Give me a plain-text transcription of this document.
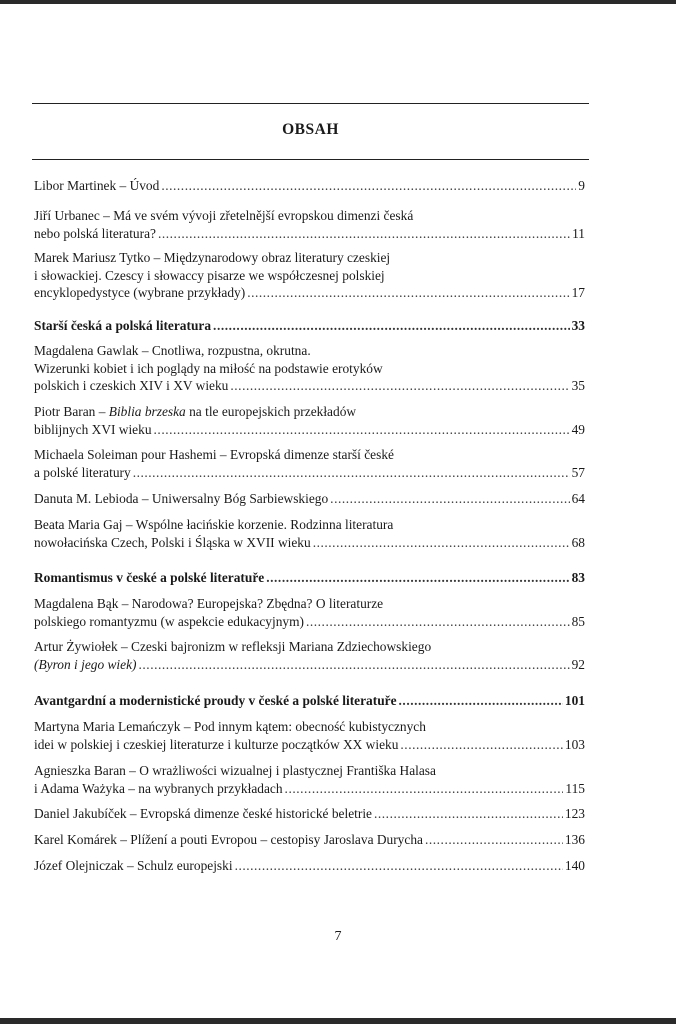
OBSAH
Libor Martinek – Úvod . . .	9
Jiří Urbanec – Má ve svém vývoji zřetelnější evropskou dimenzi česká
nebo polská literatura? . . .	11
Marek Mariusz Tytko – Międzynarodowy obraz literatury czeskiej
i słowackiej. Czescy i słowaccy pisarze we współczesnej polskiej
encyklopedystyce (wybrane przykłady) . . .	17
Starší česká a polská literatura . . .	33
Magdalena Gawlak – Cnotliwa, rozpustna, okrutna.
Wizerunki kobiet i ich poglądy na miłość na podstawie erotyków
polskich i czeskich XIV i XV wieku . . .	35
Piotr Baran – Biblia brzeska na tle europejskich przekładów
biblijnych XVI wieku . . .	49
Michaela Soleiman pour Hashemi – Evropská dimenze starší české
a polské literatury . . .	57
Danuta M. Lebioda – Uniwersalny Bóg Sarbiewskiego . . .	64
Beata Maria Gaj – Wspólne łacińskie korzenie. Rodzinna literatura
nowołacińska Czech, Polski i Śląska w XVII wieku . . .	68
Romantismus v české a polské literatuře . . .	83
Magdalena Bąk – Narodowa? Europejska? Zbędna? O literaturze
polskiego romantyzmu (w aspekcie edukacyjnym) . . .	85
Artur Żywiołek – Czeski bajronizm w refleksji Mariana Zdziechowskiego
(Byron i jego wiek) . . .	92
Avantgardní a modernistické proudy v české a polské literatuře . . .	101
Martyna Maria Lemańczyk – Pod innym kątem: obecność kubistycznych
idei w polskiej i czeskiej literaturze i kulturze początków XX wieku . . .	103
Agnieszka Baran – O wrażliwości wizualnej i plastycznej Františka Halasa
i Adama Ważyka – na wybranych przykładach . . .	115
Daniel Jakubíček – Evropská dimenze české historické beletrie . . .	123
Karel Komárek – Plížení a pouti Evropou – cestopisy Jaroslava Durycha . . .	136
Józef Olejniczak – Schulz europejski . . .	140
7
